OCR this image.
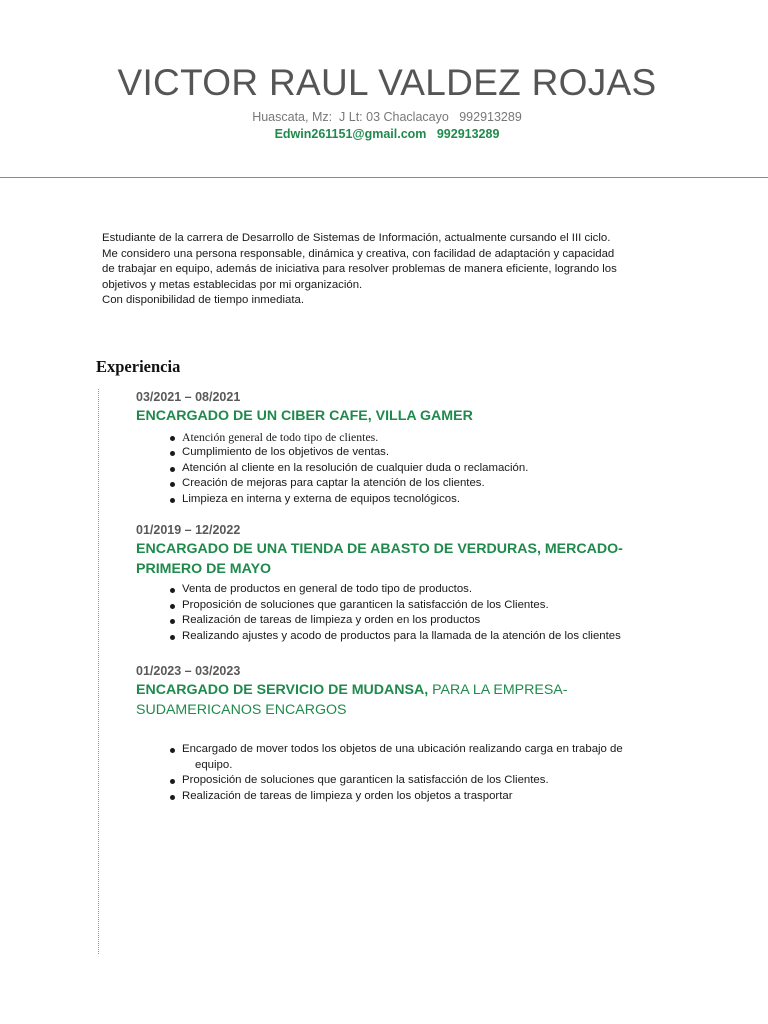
VICTOR RAUL VALDEZ ROJAS
Huascata, Mz:  J Lt: 03 Chaclacayo   992913289
Edwin261151@gmail.com 992913289
Estudiante de la carrera de Desarrollo de Sistemas de Información, actualmente cursando el III ciclo.
Me considero una persona responsable, dinámica y creativa, con facilidad de adaptación y capacidad
de trabajar en equipo, además de iniciativa para resolver problemas de manera eficiente, logrando los
objetivos y metas establecidas por mi organización.
Con disponibilidad de tiempo inmediata.
Experiencia
03/2021 – 08/2021
ENCARGADO DE UN CIBER CAFE, VILLA GAMER
Atención general de todo tipo de clientes.
Cumplimiento de los objetivos de ventas.
Atención al cliente en la resolución de cualquier duda o reclamación.
Creación de mejoras para captar la atención de los clientes.
Limpieza en interna y externa de equipos tecnológicos.
01/2019 – 12/2022
ENCARGADO DE UNA TIENDA DE ABASTO DE VERDURAS, MERCADO-
PRIMERO DE MAYO
Venta de productos en general de todo tipo de productos.
Proposición de soluciones que garanticen la satisfacción de los Clientes.
Realización de tareas de limpieza y orden en los productos
Realizando ajustes y acodo de productos para la llamada de la atención de los clientes
01/2023 – 03/2023
ENCARGADO DE SERVICIO DE MUDANSA, PARA LA EMPRESA-
SUDAMERICANOS ENCARGOS
Encargado de mover todos los objetos de una ubicación realizando carga en trabajo de
equipo.
Proposición de soluciones que garanticen la satisfacción de los Clientes.
Realización de tareas de limpieza y orden los objetos a trasportar
